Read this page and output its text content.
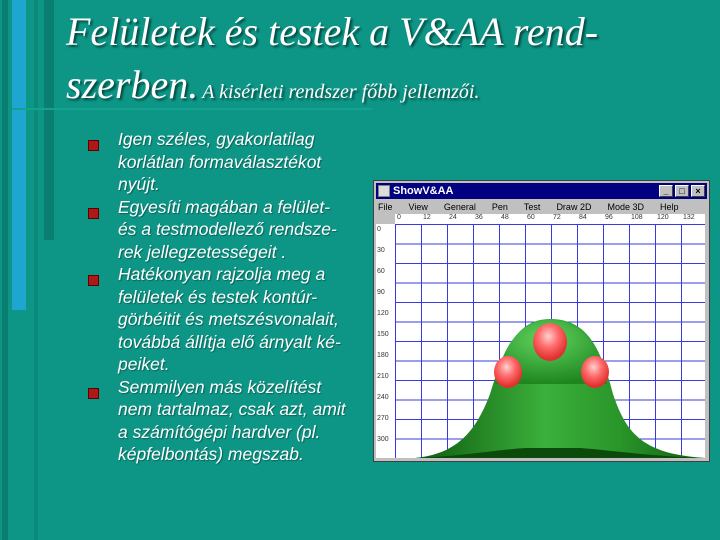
Felületek és testek a V&AA rend-szerben. A kisérleti rendszer főbb jellemzői.
Igen széles, gyakorlatilag
korlátlan formaválasztékot
nyújt.
Egyesíti magában a felület-
és a testmodellező rendsze-
rek jellegzetességeit .
Hatékonyan rajzolja meg a
felületek és testek kontúr-
görbéitit és metszésvonalait,
továbbá állítja elő árnyalt ké-
peiket.
Semmilyen más közelítést
nem tartalmaz, csak azt, amit
a számítógépi hardver (pl.
képfelbontás) megszab.
ShowV&AA	_	□	×
File View General Pen Test Draw 2D Mode 3D Help
0	12	24	36	48	60	72	84	96	108 120 132
0
30
60
90
120
150
180
210
240
270
300
